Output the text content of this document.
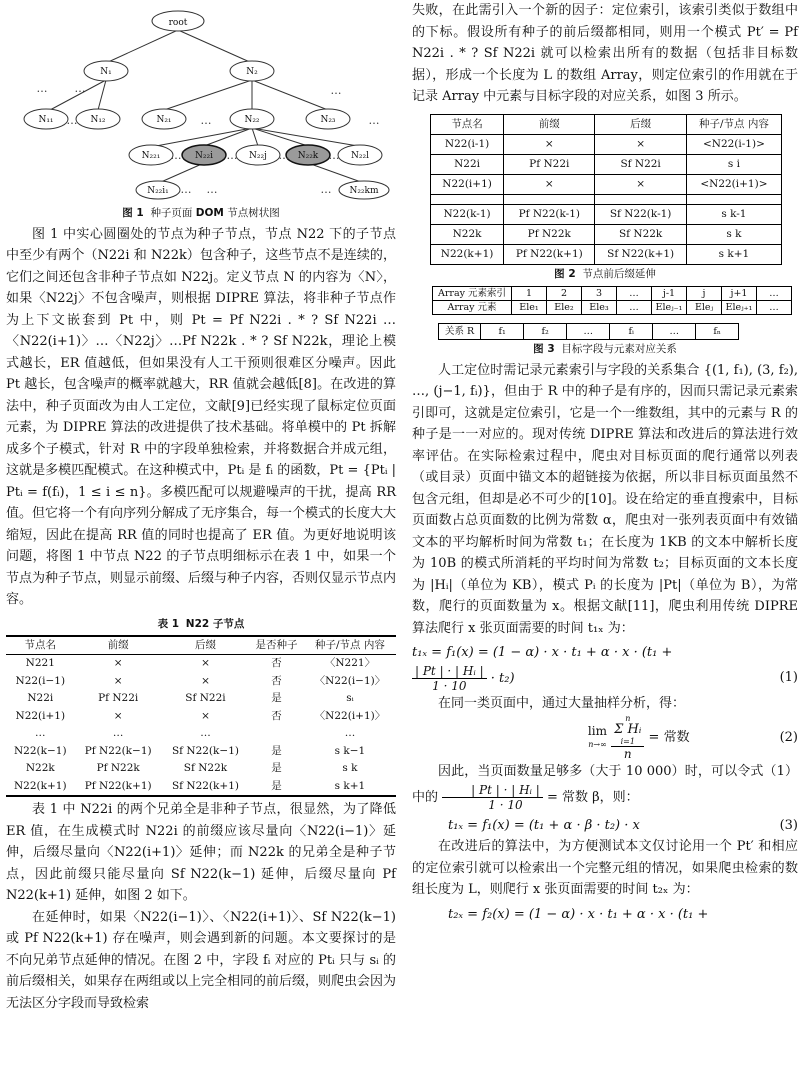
root
N₁	N₂
N₁₁	N₁₂	N₂₁	N₂₂	N₂₃
N₂₂₁	N₂₂i	N₂₂j	N₂₂k	N₂₂l
N₂₂i₁	N₂₂km
… …	…
…	…	…
…	…	…	…
… …	…
图 1 种子页面 DOM 节点树状图

图 1 中实心圆圈处的节点为种子节点，节点 N22 下的子节点中至少有两个（N22i 和 N22k）包含种子，这些节点不是连续的，它们之间还包含非种子节点如 N22j。定义节点 N 的内容为〈N〉，如果〈N22j〉不包含噪声，则根据 DIPRE 算法，将非种子节点作为上下文嵌套到 Pt 中，则 Pt = Pf N22i . * ? Sf N22i …〈N22(i+1)〉…〈N22j〉…Pf N22k . * ? Sf N22k，理论上模式越长，ER 值越低，但如果没有人工干预则很难区分噪声。因此 Pt 越长，包含噪声的概率就越大，RR 值就会越低[8]。在改进的算法中，种子页面改为由人工定位，文献[9]已经实现了鼠标定位页面元素，为 DIPRE 算法的改进提供了技术基础。将单模中的 Pt 拆解成多个子模式，针对 R 中的字段单独检索，并将数据合并成元组，这就是多模匹配模式。在这种模式中，Ptᵢ 是 fᵢ 的函数，Pt = {Ptᵢ | Ptᵢ = f(fᵢ)，1 ≤ i ≤ n}。多模匹配可以规避噪声的干扰，提高 RR 值。但它将一个有向序列分解成了无序集合，每一个模式的长度大大缩短，因此在提高 RR 值的同时也提高了 ER 值。为更好地说明该问题，将图 1 中节点 N22 的子节点明细标示在表 1 中，如果一个节点为种子节点，则显示前缀、后缀与种子内容，否则仅显示节点内容。

表 1 N22 子节点
节点名	前缀	后缀	是否种子	种子/节点 内容
N221	×	×	否	〈N221〉
N22(i−1)	×	×	否	〈N22(i−1)〉
N22i	Pf N22i	Sf N22i	是	sᵢ
N22(i+1)	×	×	否	〈N22(i+1)〉
…	…	…		…
N22(k−1)	Pf N22(k−1)	Sf N22(k−1)	是	s k−1
N22k	Pf N22k	Sf N22k	是	s k
N22(k+1)	Pf N22(k+1)	Sf N22(k+1)	是	s k+1

表 1 中 N22i 的两个兄弟全是非种子节点，很显然，为了降低 ER 值，在生成模式时 N22i 的前缀应该尽量向〈N22(i−1)〉延伸，后缀尽量向〈N22(i+1)〉延伸；而 N22k 的兄弟全是种子节点，因此前缀只能尽量向 Sf N22(k−1) 延伸，后缀尽量向 Pf N22(k+1) 延伸，如图 2 如下。

在延伸时，如果〈N22(i−1)〉、〈N22(i+1)〉、Sf N22(k−1) 或 Pf N22(k+1) 存在噪声，则会遇到新的问题。本文要探讨的是不向兄弟节点延伸的情况。在图 2 中，字段 fᵢ 对应的 Ptᵢ 只与 sᵢ 的前后缀相关，如果存在两组或以上完全相同的前后缀，则爬虫会因为无法区分字段而导致检索

失败，在此需引入一个新的因子：定位索引，该索引类似于数组中的下标。假设所有种子的前后缀都相同，则用一个模式 Pt′ = Pf N22i . * ? Sf N22i 就可以检索出所有的数据（包括非目标数据），形成一个长度为 L 的数组 Array，则定位索引的作用就在于记录 Array 中元素与目标字段的对应关系，如图 3 所示。

节点名	前缀	后缀	种子/节点 内容
N22(i-1)	×	×	<N22(i-1)>
N22i	Pf N22i	Sf N22i	s i
N22(i+1)	×	×	<N22(i+1)>

N22(k-1)	Pf N22(k-1)	Sf N22(k-1)	s k-1
N22k	Pf N22k	Sf N22k	s k
N22(k+1)	Pf N22(k+1)	Sf N22(k+1)	s k+1
图 2 节点前后缀延伸
Array 元素索引	1	2	3	…	j-1	j	j+1	…
Array 元素	Ele₁	Ele₂	Ele₃	…	Eleⱼ₋₁	Eleⱼ	Eleⱼ₊₁	…
关系 R	f₁	f₂	…	fᵢ	…	fₙ
图 3 目标字段与元素对应关系

人工定位时需记录元素索引与字段的关系集合 {(1, f₁), (3, f₂), …, (j−1, fᵢ)}，但由于 R 中的种子是有序的，因而只需记录元素索引即可，这就是定位索引，它是一个一维数组，其中的元素与 R 的种子是一一对应的。现对传统 DIPRE 算法和改进后的算法进行效率评估。在实际检索过程中，爬虫对目标页面的爬行通常以列表（或目录）页面中锚文本的超链接为依据，所以非目标页面虽然不包含元组，但却是必不可少的[10]。设在给定的垂直搜索中，目标页面数占总页面数的比例为常数 α，爬虫对一张列表页面中有效锚文本的平均解析时间为常数 t₁；在长度为 1KB 的文本中解析长度为 10B 的模式所消耗的平均时间为常数 t₂；目标页面的文本长度为 |Hᵢ|（单位为 KB），模式 Pᵢ 的长度为 |Pt|（单位为 B），为常数，爬行的页面数量为 x。根据文献[11]，爬虫利用传统 DIPRE 算法爬行 x 张页面需要的时间 t₁ₓ 为：

t₁ₓ = f₁(x) = (1 − α) · x · t₁ + α · x · (t₁ +
$\frac{\text{| Pt | · | Hᵢ |}}{1 \cdot 10} \cdot t_2$)	(1)

在同一类页面中，通过大量抽样分析，得：

lim
n→∞
n
Σ Hᵢ
i=1
n
= 常数	(2)

因此，当页面数量足够多（大于 10 000）时，可以令式（1）中的 $\frac{\text{| Pt | · | Hᵢ |}}{1 \cdot 10}$ = 常数 β，则：

t₁ₓ = f₁(x) = (t₁ + α · β · t₂) · x	(3)

在改进后的算法中，为方便测试本文仅讨论用一个 Pt′ 和相应的定位索引就可以检索出一个完整元组的情况，如果爬虫检索的数组长度为 L，则爬行 x 张页面需要的时间 t₂ₓ 为：

t₂ₓ = f₂(x) = (1 − α) · x · t₁ + α · x · (t₁ +
